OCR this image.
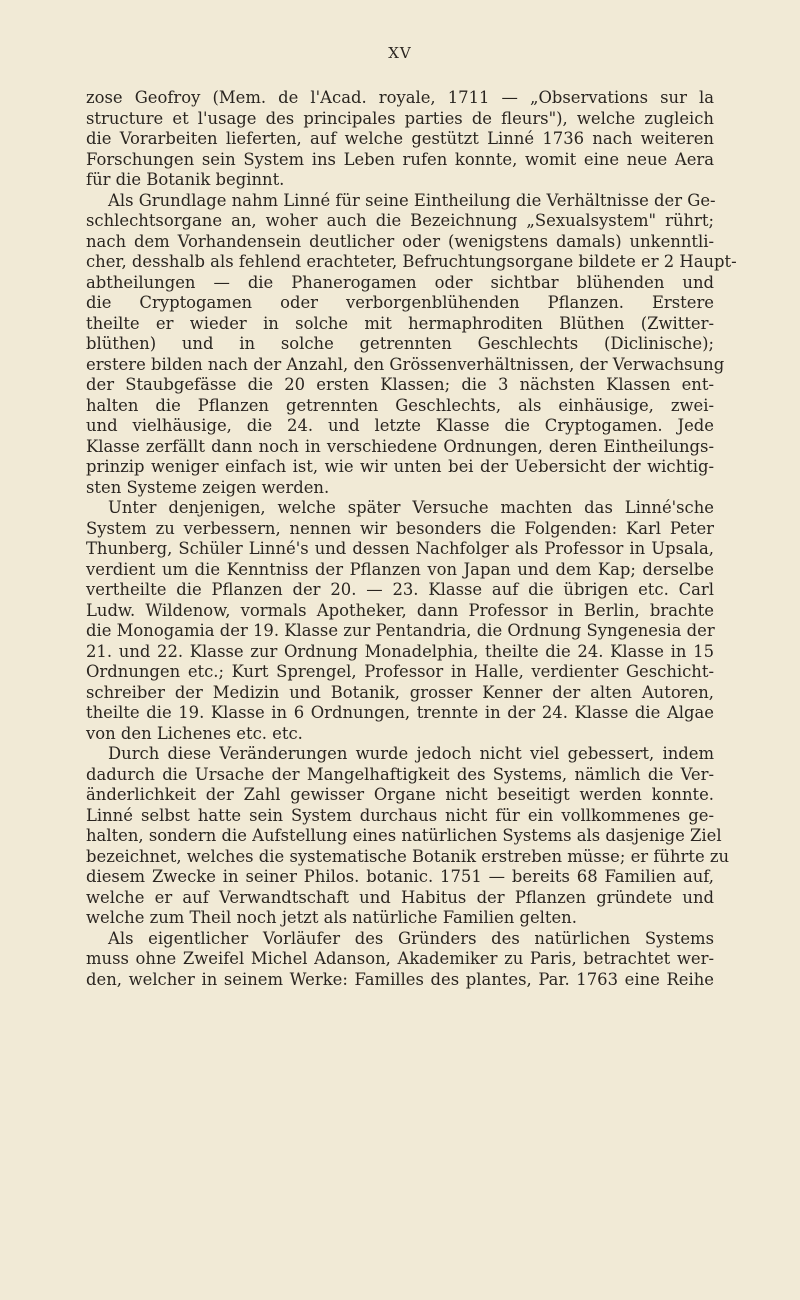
XV
zose Geofroy (Mem. de l'Acad. royale, 1711 — „Observations sur la
structure et l'usage des principales parties de fleurs"), welche zugleich
die Vorarbeiten lieferten, auf welche gestützt Linné 1736 nach weiteren
Forschungen sein System ins Leben rufen konnte, womit eine neue Aera
für die Botanik beginnt.
Als Grundlage nahm Linné für seine Eintheilung die Verhältnisse der Ge-
schlechtsorgane an, woher auch die Bezeichnung „Sexualsystem" rührt;
nach dem Vorhandensein deutlicher oder (wenigstens damals) unkenntli-
cher, desshalb als fehlend erachteter, Befruchtungsorgane bildete er 2 Haupt-
abtheilungen — die Phanerogamen oder sichtbar blühenden und
die Cryptogamen oder verborgenblühenden Pflanzen. Erstere
theilte er wieder in solche mit hermaphroditen Blüthen (Zwitter-
blüthen) und in solche getrennten Geschlechts (Diclinische);
erstere bilden nach der Anzahl, den Grössenverhältnissen, der Verwachsung
der Staubgefässe die 20 ersten Klassen; die 3 nächsten Klassen ent-
halten die Pflanzen getrennten Geschlechts, als einhäusige, zwei-
und vielhäusige, die 24. und letzte Klasse die Cryptogamen. Jede
Klasse zerfällt dann noch in verschiedene Ordnungen, deren Eintheilungs-
prinzip weniger einfach ist, wie wir unten bei der Uebersicht der wichtig-
sten Systeme zeigen werden.
Unter denjenigen, welche später Versuche machten das Linné'sche
System zu verbessern, nennen wir besonders die Folgenden: Karl Peter
Thunberg, Schüler Linné's und dessen Nachfolger als Professor in Upsala,
verdient um die Kenntniss der Pflanzen von Japan und dem Kap; derselbe
vertheilte die Pflanzen der 20. — 23. Klasse auf die übrigen etc. Carl
Ludw. Wildenow, vormals Apotheker, dann Professor in Berlin, brachte
die Monogamia der 19. Klasse zur Pentandria, die Ordnung Syngenesia der
21. und 22. Klasse zur Ordnung Monadelphia, theilte die 24. Klasse in 15
Ordnungen etc.; Kurt Sprengel, Professor in Halle, verdienter Geschicht-
schreiber der Medizin und Botanik, grosser Kenner der alten Autoren,
theilte die 19. Klasse in 6 Ordnungen, trennte in der 24. Klasse die Algae
von den Lichenes etc. etc.
Durch diese Veränderungen wurde jedoch nicht viel gebessert, indem
dadurch die Ursache der Mangelhaftigkeit des Systems, nämlich die Ver-
änderlichkeit der Zahl gewisser Organe nicht beseitigt werden konnte.
Linné selbst hatte sein System durchaus nicht für ein vollkommenes ge-
halten, sondern die Aufstellung eines natürlichen Systems als dasjenige Ziel
bezeichnet, welches die systematische Botanik erstreben müsse; er führte zu
diesem Zwecke in seiner Philos. botanic. 1751 — bereits 68 Familien auf,
welche er auf Verwandtschaft und Habitus der Pflanzen gründete und
welche zum Theil noch jetzt als natürliche Familien gelten.
Als eigentlicher Vorläufer des Gründers des natürlichen Systems
muss ohne Zweifel Michel Adanson, Akademiker zu Paris, betrachtet wer-
den, welcher in seinem Werke: Familles des plantes, Par. 1763 eine Reihe
